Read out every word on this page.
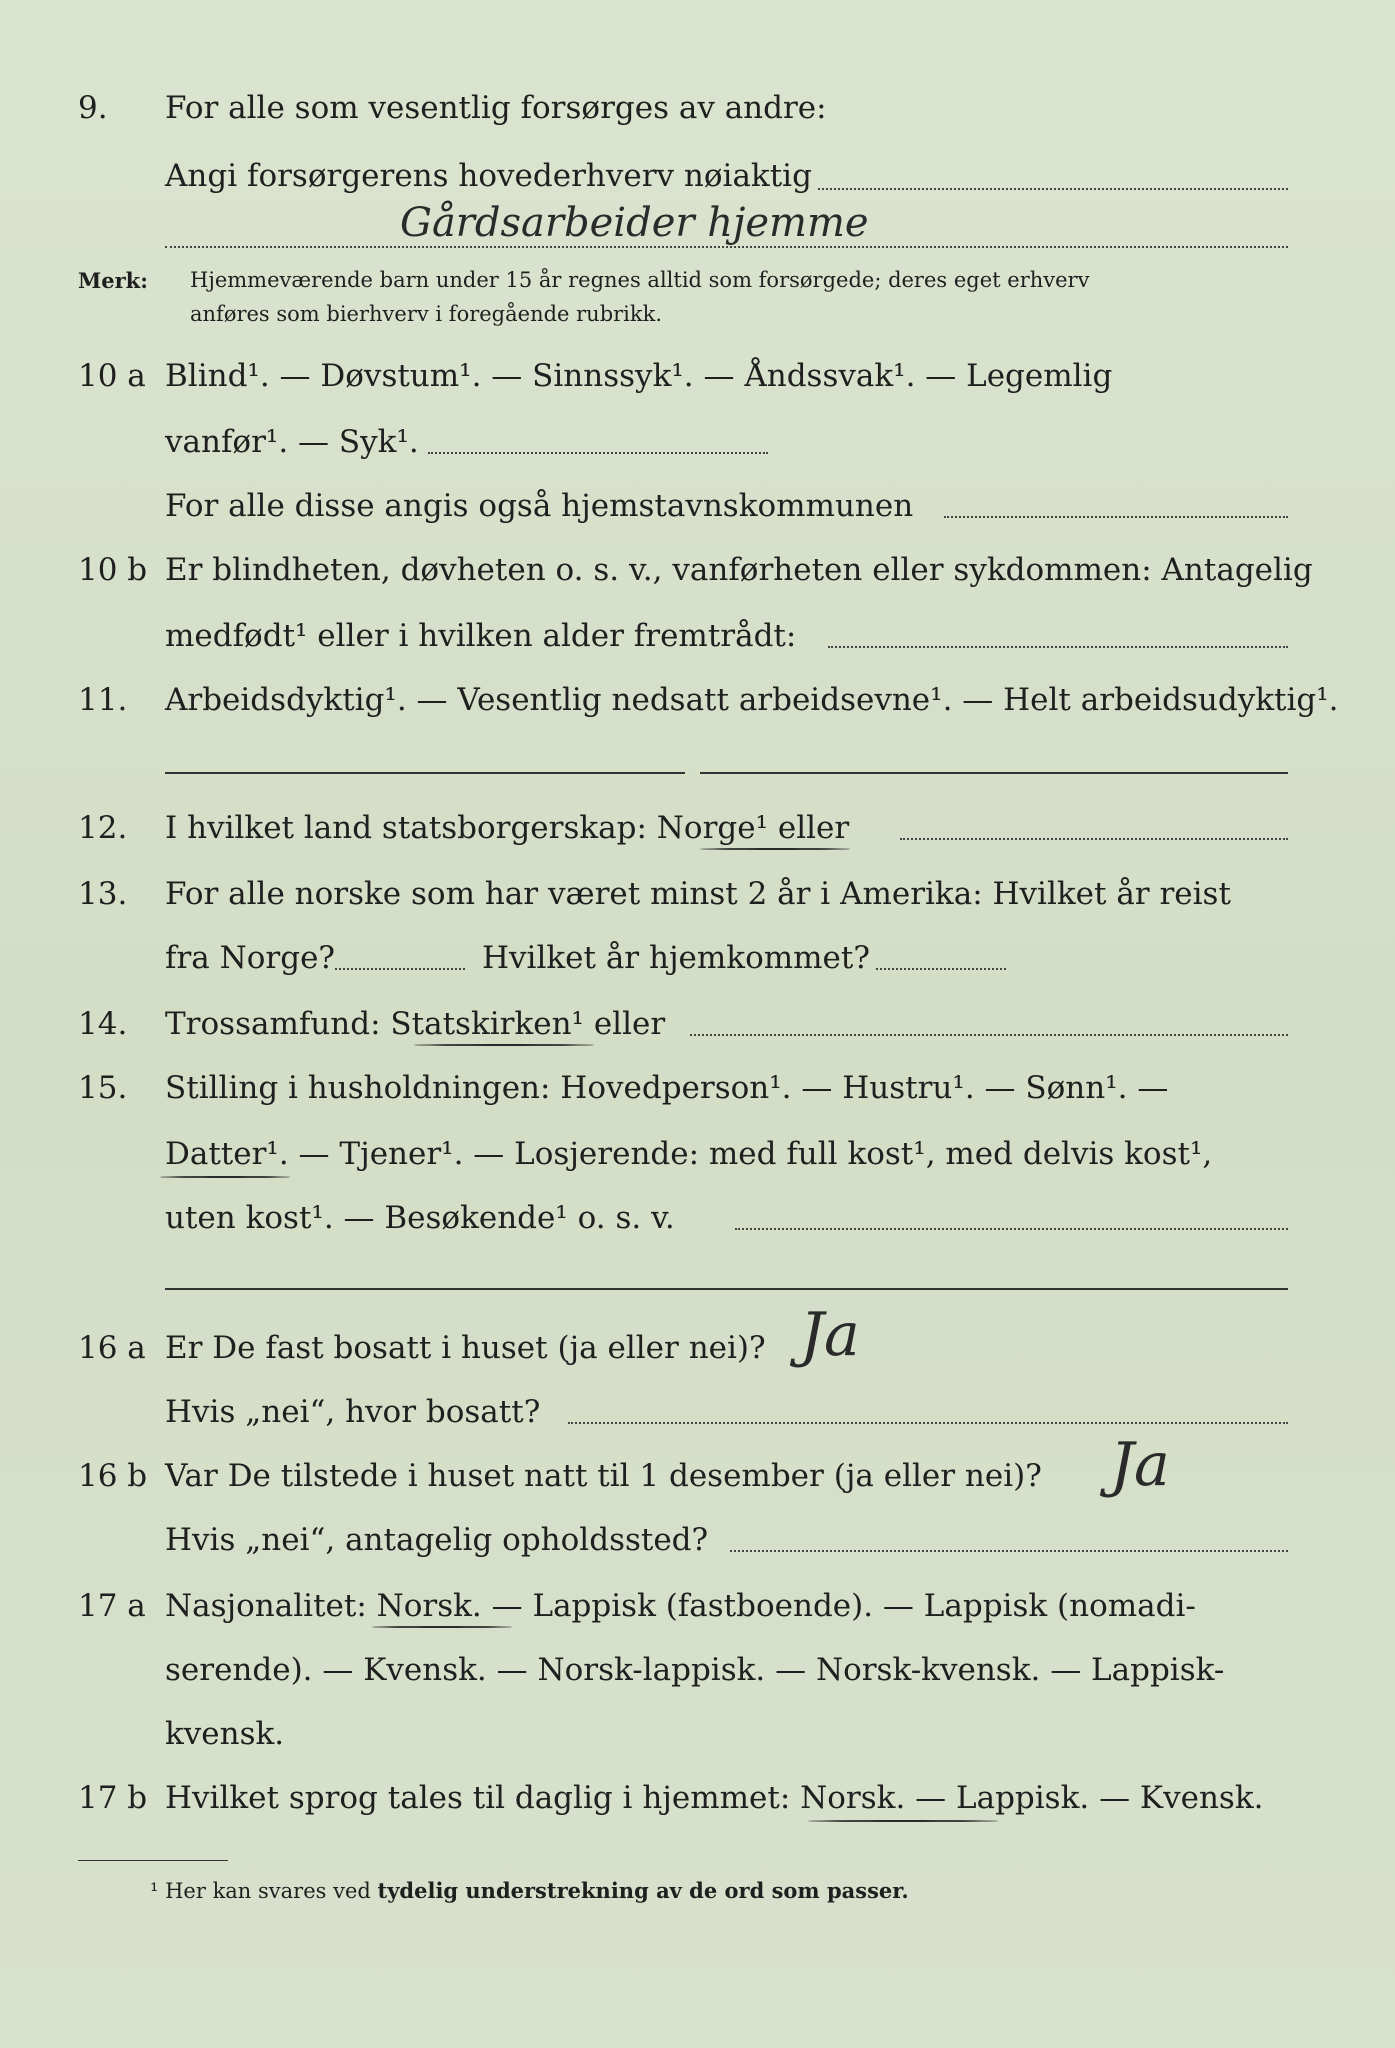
9. For alle som vesentlig forsørges av andre:
Angi forsørgerens hovederhverv nøiaktig
Gårdsarbeider hjemme
Merk: Hjemmeværende barn under 15 år regnes alltid som forsørgede; deres eget erhverv
anføres som bierhverv i foregående rubrikk.
10 a Blind¹. — Døvstum¹. — Sinnssyk¹. — Åndssvak¹. — Legemlig
vanfør¹. — Syk¹.
For alle disse angis også hjemstavnskommunen
10 b Er blindheten, døvheten o. s. v., vanførheten eller sykdommen: Antagelig
medfødt¹ eller i hvilken alder fremtrådt:
11. Arbeidsdyktig¹. — Vesentlig nedsatt arbeidsevne¹. — Helt arbeidsudyktig¹.
12. I hvilket land statsborgerskap: Norge¹ eller
13. For alle norske som har været minst 2 år i Amerika: Hvilket år reist
fra Norge?	Hvilket år hjemkommet?
14. Trossamfund: Statskirken¹ eller
15. Stilling i husholdningen: Hovedperson¹. — Hustru¹. — Sønn¹. —
Datter¹. — Tjener¹. — Losjerende: med full kost¹, med delvis kost¹,
uten kost¹. — Besøkende¹ o. s. v.
16 a Er De fast bosatt i huset (ja eller nei)? Ja
Hvis „nei“, hvor bosatt?
16 b Var De tilstede i huset natt til 1 desember (ja eller nei)? Ja
Hvis „nei“, antagelig opholdssted?
17 a Nasjonalitet: Norsk. — Lappisk (fastboende). — Lappisk (nomadi-
serende). — Kvensk. — Norsk-lappisk. — Norsk-kvensk. — Lappisk-
kvensk.
17 b Hvilket sprog tales til daglig i hjemmet: Norsk. — Lappisk. — Kvensk.
¹ Her kan svares ved tydelig understrekning av de ord som passer.
